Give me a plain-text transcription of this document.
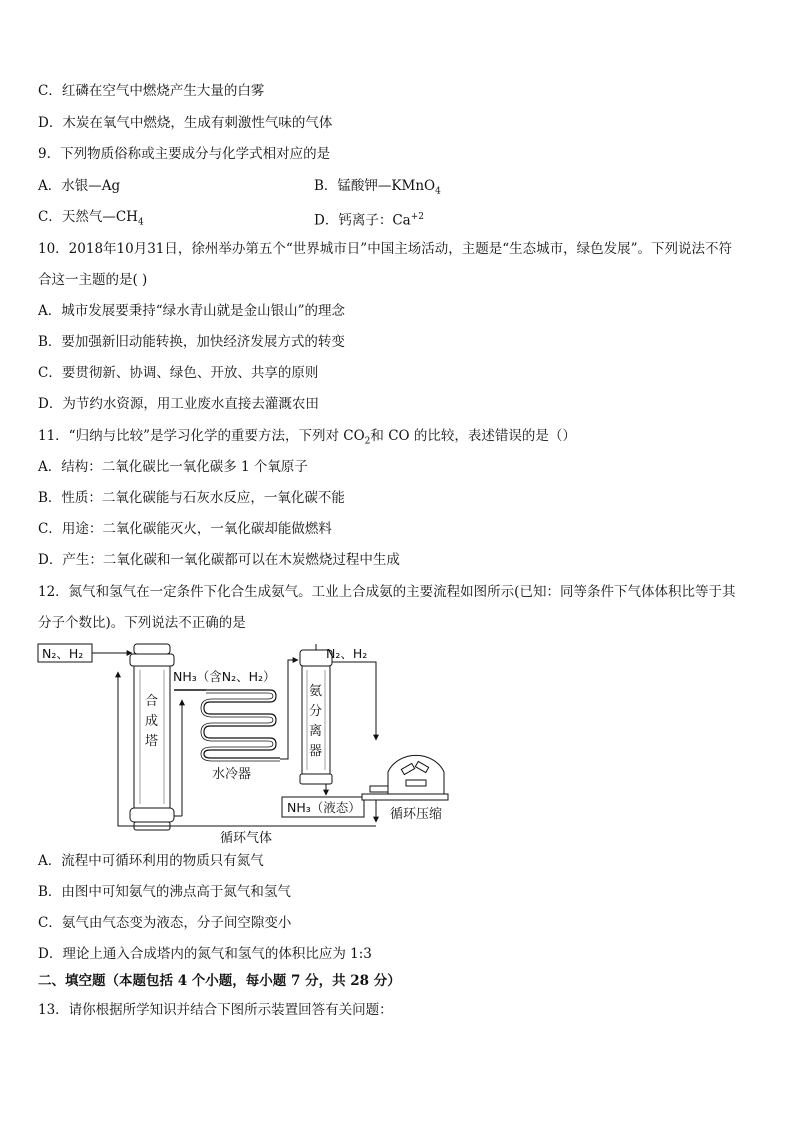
C．红磷在空气中燃烧产生大量的白雾
D．木炭在氧气中燃烧，生成有刺激性气味的气体
9．下列物质俗称或主要成分与化学式相对应的是
A．水银—Ag	B．锰酸钾—KMnO$_4$
C．天然气$—CH_4$	D．钙离子：$Ca^{+2}$
10．2018年10月31日，徐州举办第五个“世界城市日”中国主场活动，主题是“生态城市，绿色发展”。下列说法不符
合这一主题的是( )
A．城市发展要秉持“绿水青山就是金山银山”的理念
B．要加强新旧动能转换，加快经济发展方式的转变
C．要贯彻新、协调、绿色、开放、共享的原则
D．为节约水资源，用工业废水直接去灌溉农田
11．“归纳与比较”是学习化学的重要方法，下列对 $CO_2$和 CO 的比较，表述错误的是（）
A．结构：二氧化碳比一氧化碳多 1 个氧原子
B．性质：二氧化碳能与石灰水反应，一氧化碳不能
C．用途：二氧化碳能灭火，一氧化碳却能做燃料
D．产生：二氧化碳和一氧化碳都可以在木炭燃烧过程中生成
12．氮气和氢气在一定条件下化合生成氨气。工业上合成氨的主要流程如图所示(已知：同等条件下气体体积比等于其
分子个数比)。下列说法不正确的是
N₂、H₂
合
成
塔
NH₃（含N₂、H₂）
水冷器
氨
分
离
器
N₂、H₂
NH₃（液态） 循环压缩
循环气体
A．流程中可循环利用的物质只有氮气
B．由图中可知氨气的沸点高于氮气和氢气
C．氨气由气态变为液态，分子间空隙变小
D．理论上通入合成塔内的氮气和氢气的体积比应为 1:3
二、填空题（本题包括 4 个小题，每小题 7 分，共 28 分）
13．请你根据所学知识并结合下图所示装置回答有关问题：
